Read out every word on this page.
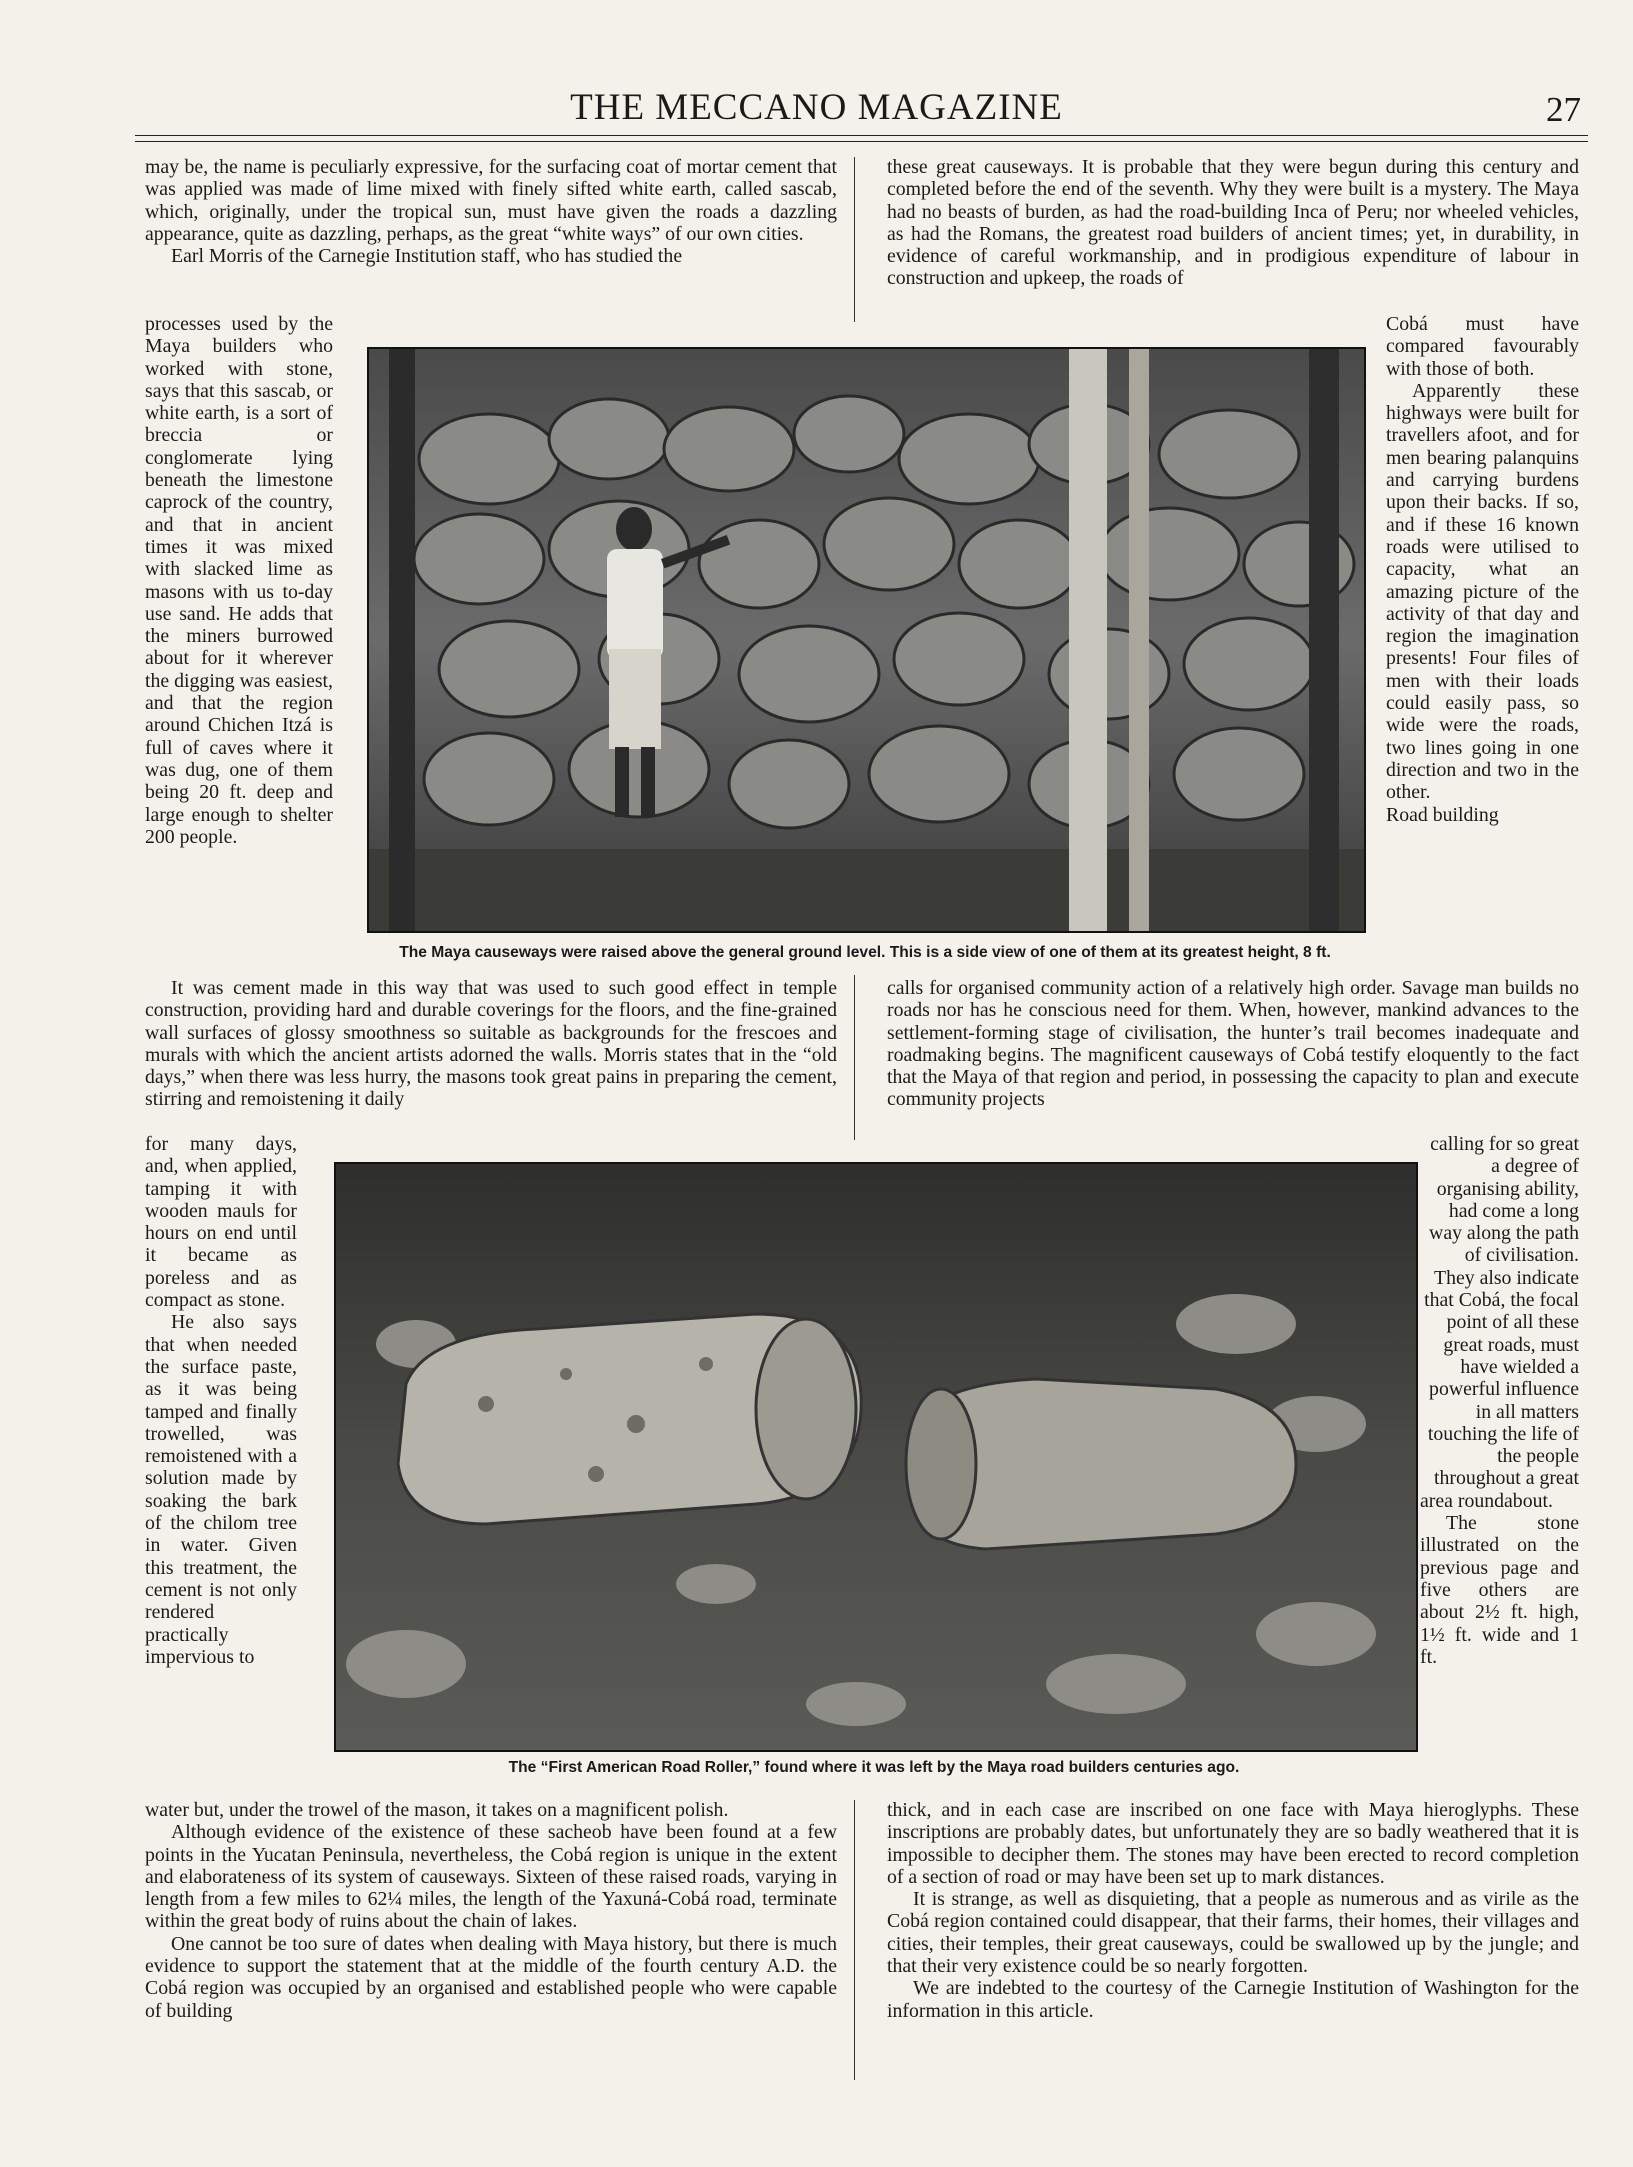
THE MECCANO MAGAZINE	27

may be, the name is peculiarly expressive, for the surfacing coat of mortar cement that was applied was made of lime mixed with finely sifted white earth, called sascab, which, originally, under the tropical sun, must have given the roads a dazzling appearance, quite as dazzling, perhaps, as the great “white ways” of our own cities.

Earl Morris of the Carnegie Institution staff, who has studied the

processes used by the Maya builders who worked with stone, says that this sascab, or white earth, is a sort of breccia or conglomerate lying beneath the limestone caprock of the country, and that in ancient times it was mixed with slacked lime as masons with us to-day use sand. He adds that the miners burrowed about for it wherever the digging was easiest, and that the region around Chichen Itzá is full of caves where it was dug, one of them being 20 ft. deep and large enough to shelter 200 people.

these great causeways. It is probable that they were begun during this century and completed before the end of the seventh. Why they were built is a mystery. The Maya had no beasts of burden, as had the road-building Inca of Peru; nor wheeled vehicles, as had the Romans, the greatest road builders of ancient times; yet, in durability, in evidence of careful workmanship, and in prodigious expenditure of labour in construction and upkeep, the roads of

Cobá must have compared favourably with those of both.

Apparently these highways were built for travellers afoot, and for men bearing palanquins and carrying burdens upon their backs. If so, and if these 16 known roads were utilised to capacity, what an amazing picture of the activity of that day and region the imagination presents! Four files of men with their loads could easily pass, so wide were the roads, two lines going in one direction and two in the other.

Road building

The Maya causeways were raised above the general ground level. This is a side view of one of them at its greatest height, 8 ft.

It was cement made in this way that was used to such good effect in temple construction, providing hard and durable coverings for the floors, and the fine-grained wall surfaces of glossy smoothness so suitable as backgrounds for the frescoes and murals with which the ancient artists adorned the walls. Morris states that in the “old days,” when there was less hurry, the masons took great pains in preparing the cement, stirring and remoistening it daily

calls for organised community action of a relatively high order. Savage man builds no roads nor has he conscious need for them. When, however, mankind advances to the settlement-forming stage of civilisation, the hunter’s trail becomes inadequate and roadmaking begins. The magnificent causeways of Cobá testify eloquently to the fact that the Maya of that region and period, in possessing the capacity to plan and execute community projects

for many days, and, when applied, tamping it with wooden mauls for hours on end until it became as poreless and as compact as stone.

He also says that when needed the surface paste, as it was being tamped and finally trowelled, was remoistened with a solution made by soaking the bark of the chilom tree in water. Given this treatment, the cement is not only rendered practically impervious to

calling for so great a degree of organising ability, had come a long way along the path of civilisation. They also indicate that Cobá, the focal point of all these great roads, must have wielded a powerful influence in all matters touching the life of the people throughout a great area roundabout.

The stone illustrated on the previous page and five others are about 2½ ft. high, 1½ ft. wide and 1 ft.

The “First American Road Roller,” found where it was left by the Maya road builders centuries ago.

water but, under the trowel of the mason, it takes on a magnificent polish.

Although evidence of the existence of these sacheob have been found at a few points in the Yucatan Peninsula, nevertheless, the Cobá region is unique in the extent and elaborateness of its system of causeways. Sixteen of these raised roads, varying in length from a few miles to 62¼ miles, the length of the Yaxuná-Cobá road, terminate within the great body of ruins about the chain of lakes.

One cannot be too sure of dates when dealing with Maya history, but there is much evidence to support the statement that at the middle of the fourth century A.D. the Cobá region was occupied by an organised and established people who were capable of building

thick, and in each case are inscribed on one face with Maya hieroglyphs. These inscriptions are probably dates, but unfortunately they are so badly weathered that it is impossible to decipher them. The stones may have been erected to record completion of a section of road or may have been set up to mark distances.

It is strange, as well as disquieting, that a people as numerous and as virile as the Cobá region contained could disappear, that their farms, their homes, their villages and cities, their temples, their great causeways, could be swallowed up by the jungle; and that their very existence could be so nearly forgotten.

We are indebted to the courtesy of the Carnegie Institution of Washington for the information in this article.
